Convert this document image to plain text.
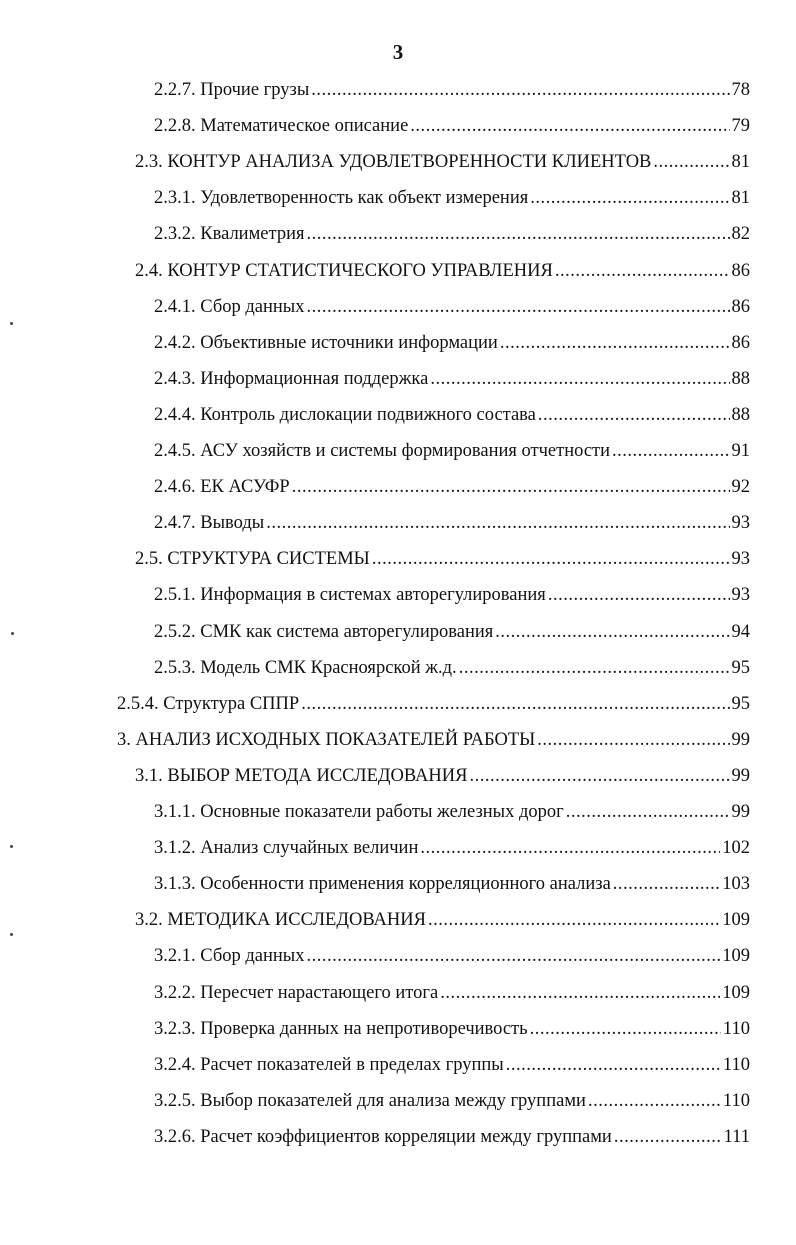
3
2.2.7. Прочие грузы .....	78
2.2.8. Математическое описание .....	79
2.3. КОНТУР АНАЛИЗА УДОВЛЕТВОРЕННОСТИ КЛИЕНТОВ .....	81
2.3.1. Удовлетворенность как объект измерения .....	81
2.3.2. Квалиметрия .....	82
2.4. КОНТУР СТАТИСТИЧЕСКОГО УПРАВЛЕНИЯ .....	86
2.4.1. Сбор данных .....	86
2.4.2. Объективные источники информации .....	86
2.4.3. Информационная поддержка .....	88
2.4.4. Контроль дислокации подвижного состава .....	88
2.4.5. АСУ хозяйств и системы формирования отчетности .....	91
2.4.6. ЕК АСУФР .....	92
2.4.7. Выводы .....	93
2.5. СТРУКТУРА СИСТЕМЫ .....	93
2.5.1. Информация в системах авторегулирования .....	93
2.5.2. СМК как система авторегулирования .....	94
2.5.3. Модель СМК Красноярской ж.д. .....	95
2.5.4. Структура СППР .....	95
3. АНАЛИЗ ИСХОДНЫХ ПОКАЗАТЕЛЕЙ РАБОТЫ .....	99
3.1. ВЫБОР МЕТОДА ИССЛЕДОВАНИЯ .....	99
3.1.1. Основные показатели работы железных дорог .....	99
3.1.2. Анализ случайных величин .....	102
3.1.3. Особенности применения корреляционного анализа .....	103
3.2. МЕТОДИКА ИССЛЕДОВАНИЯ .....	109
3.2.1. Сбор данных .....	109
3.2.2. Пересчет нарастающего итога .....	109
3.2.3. Проверка данных на непротиворечивость .....	110
3.2.4. Расчет показателей в пределах группы .....	110
3.2.5. Выбор показателей для анализа между группами .....	110
3.2.6. Расчет коэффициентов корреляции между группами .....	111
